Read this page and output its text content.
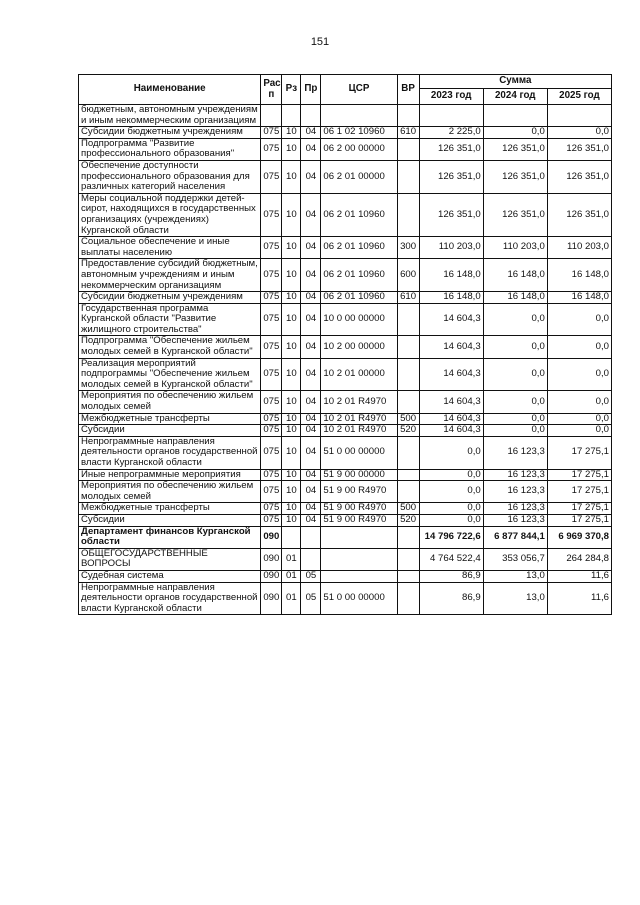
151
Наименование	Рас п	Рз	Пр	ЦСР	ВР	Сумма		
						2023 год	2024 год	2025 год
бюджетным, автономным учреждениям и иным некоммерческим организациям								
Субсидии бюджетным учреждениям	075	10	04	06 1 02 10960	610	2 225,0	0,0	0,0
Подпрограмма "Развитие профессионального образования"	075	10	04	06 2 00 00000		126 351,0	126 351,0	126 351,0
Обеспечение доступности профессионального образования для различных категорий населения	075	10	04	06 2 01 00000		126 351,0	126 351,0	126 351,0
Меры социальной поддержки детей-сирот, находящихся в государственных организациях (учреждениях) Курганской области	075	10	04	06 2 01 10960		126 351,0	126 351,0	126 351,0
Социальное обеспечение и иные выплаты населению	075	10	04	06 2 01 10960	300	110 203,0	110 203,0	110 203,0
Предоставление субсидий бюджетным, автономным учреждениям и иным некоммерческим организациям	075	10	04	06 2 01 10960	600	16 148,0	16 148,0	16 148,0
Субсидии бюджетным учреждениям	075	10	04	06 2 01 10960	610	16 148,0	16 148,0	16 148,0
Государственная программа Курганской области "Развитие жилищного строительства"	075	10	04	10 0 00 00000		14 604,3	0,0	0,0
Подпрограмма "Обеспечение жильем молодых семей в Курганской области"	075	10	04	10 2 00 00000		14 604,3	0,0	0,0
Реализация мероприятий подпрограммы "Обеспечение жильем молодых семей в Курганской области"	075	10	04	10 2 01 00000		14 604,3	0,0	0,0
Мероприятия по обеспечению жильем молодых семей	075	10	04	10 2 01 R4970		14 604,3	0,0	0,0
Межбюджетные трансферты	075	10	04	10 2 01 R4970	500	14 604,3	0,0	0,0
Субсидии	075	10	04	10 2 01 R4970	520	14 604,3	0,0	0,0
Непрограммные направления деятельности органов государственной власти Курганской области	075	10	04	51 0 00 00000		0,0	16 123,3	17 275,1
Иные непрограммные мероприятия	075	10	04	51 9 00 00000		0,0	16 123,3	17 275,1
Мероприятия по обеспечению жильем молодых семей	075	10	04	51 9 00 R4970		0,0	16 123,3	17 275,1
Межбюджетные трансферты	075	10	04	51 9 00 R4970	500	0,0	16 123,3	17 275,1
Субсидии	075	10	04	51 9 00 R4970	520	0,0	16 123,3	17 275,1
Департамент финансов Курганской области	090					14 796 722,6	6 877 844,1	6 969 370,8
ОБЩЕГОСУДАРСТВЕННЫЕ ВОПРОСЫ	090	01				4 764 522,4	353 056,7	264 284,8
Судебная система	090	01	05			86,9	13,0	11,6
Непрограммные направления деятельности органов государственной власти Курганской области	090	01	05	51 0 00 00000		86,9	13,0	11,6
